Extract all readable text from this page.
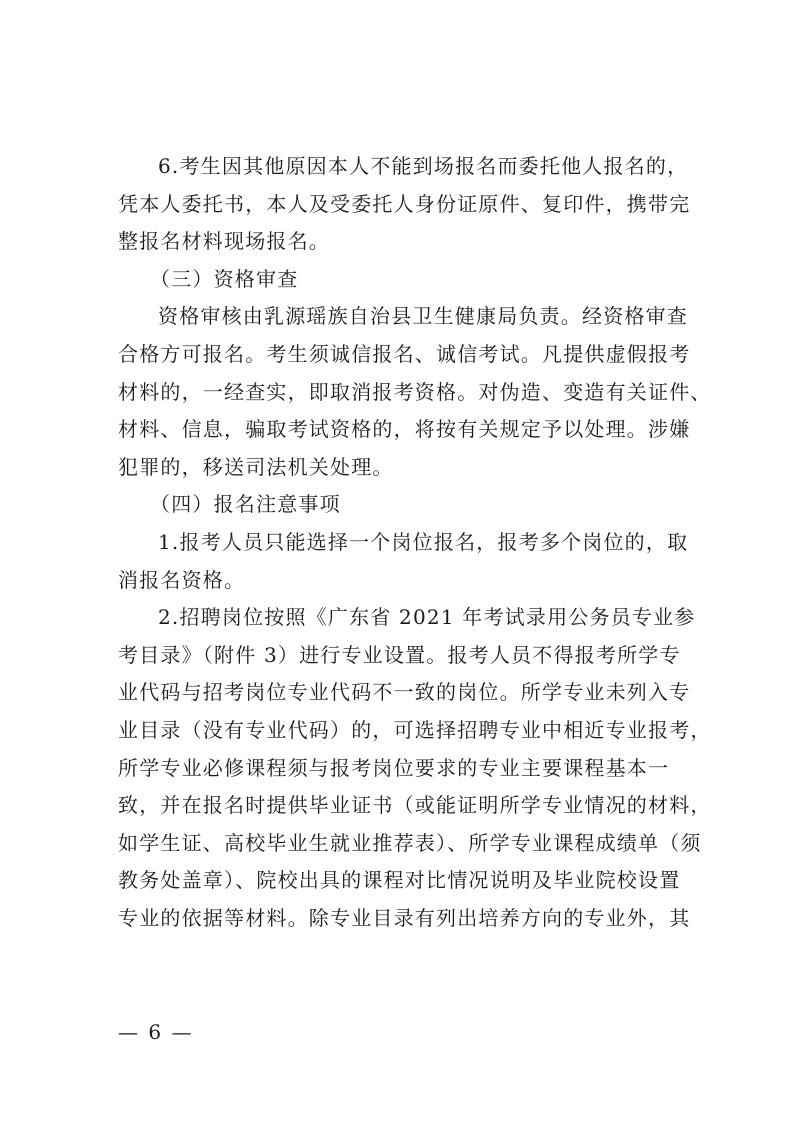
6.考生因其他原因本人不能到场报名而委托他人报名的，
凭本人委托书，本人及受委托人身份证原件、复印件，携带完
整报名材料现场报名。
（三）资格审查
资格审核由乳源瑶族自治县卫生健康局负责。经资格审查
合格方可报名。考生须诚信报名、诚信考试。凡提供虚假报考
材料的，一经查实，即取消报考资格。对伪造、变造有关证件、
材料、信息，骗取考试资格的，将按有关规定予以处理。涉嫌
犯罪的，移送司法机关处理。
（四）报名注意事项
1.报考人员只能选择一个岗位报名，报考多个岗位的，取
消报名资格。
2.招聘岗位按照《广东省 2021 年考试录用公务员专业参
考目录》（附件 3）进行专业设置。报考人员不得报考所学专
业代码与招考岗位专业代码不一致的岗位。所学专业未列入专
业目录（没有专业代码）的，可选择招聘专业中相近专业报考，
所学专业必修课程须与报考岗位要求的专业主要课程基本一
致，并在报名时提供毕业证书（或能证明所学专业情况的材料，
如学生证、高校毕业生就业推荐表）、所学专业课程成绩单（须
教务处盖章）、院校出具的课程对比情况说明及毕业院校设置
专业的依据等材料。除专业目录有列出培养方向的专业外，其
— 6 —
